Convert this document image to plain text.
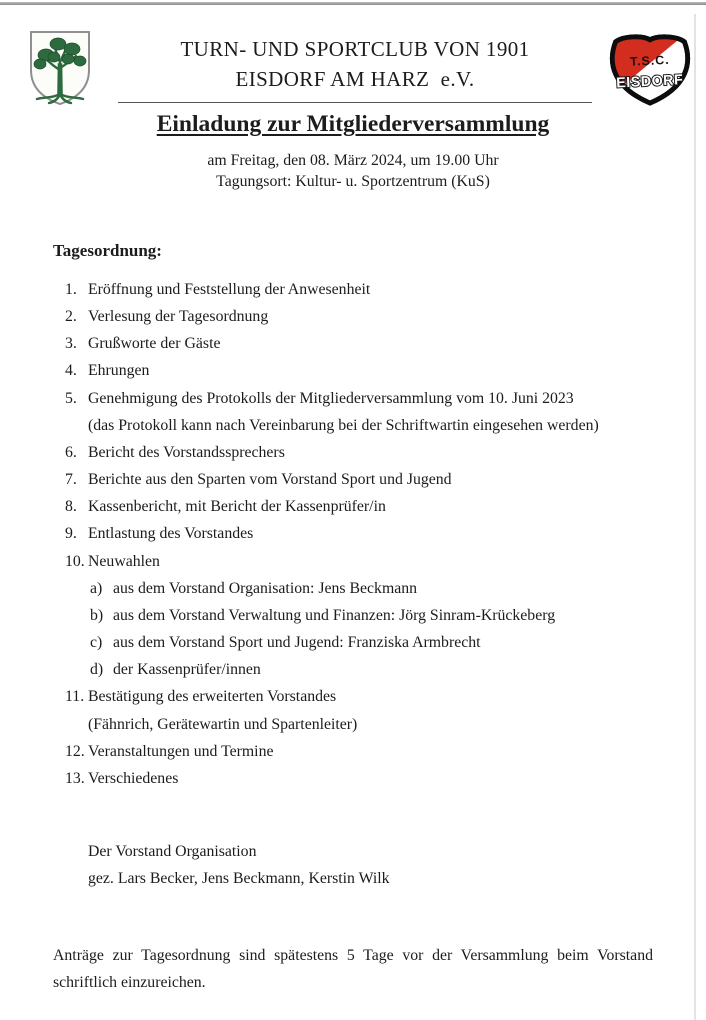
T.S.C.
EISDORF
TURN- UND SPORTCLUB VON 1901
EISDORF AM HARZ  e.V.
Einladung zur Mitgliederversammlung
am Freitag, den 08. März 2024, um 19.00 Uhr
Tagungsort: Kultur- u. Sportzentrum (KuS)
Tagesordnung:
1. Eröffnung und Feststellung der Anwesenheit
2. Verlesung der Tagesordnung
3. Grußworte der Gäste
4. Ehrungen
5. Genehmigung des Protokolls der Mitgliederversammlung vom 10. Juni 2023
(das Protokoll kann nach Vereinbarung bei der Schriftwartin eingesehen werden)
6. Bericht des Vorstandssprechers
7. Berichte aus den Sparten vom Vorstand Sport und Jugend
8. Kassenbericht, mit Bericht der Kassenprüfer/in
9. Entlastung des Vorstandes
10. Neuwahlen
a) aus dem Vorstand Organisation: Jens Beckmann
b) aus dem Vorstand Verwaltung und Finanzen: Jörg Sinram-Krückeberg
c) aus dem Vorstand Sport und Jugend: Franziska Armbrecht
d) der Kassenprüfer/innen
11. Bestätigung des erweiterten Vorstandes
(Fähnrich, Gerätewartin und Spartenleiter)
12. Veranstaltungen und Termine
13. Verschiedenes
Der Vorstand Organisation
gez. Lars Becker, Jens Beckmann, Kerstin Wilk

Anträge zur Tagesordnung sind spätestens 5 Tage vor der Versammlung beim Vorstand schriftlich einzureichen.
